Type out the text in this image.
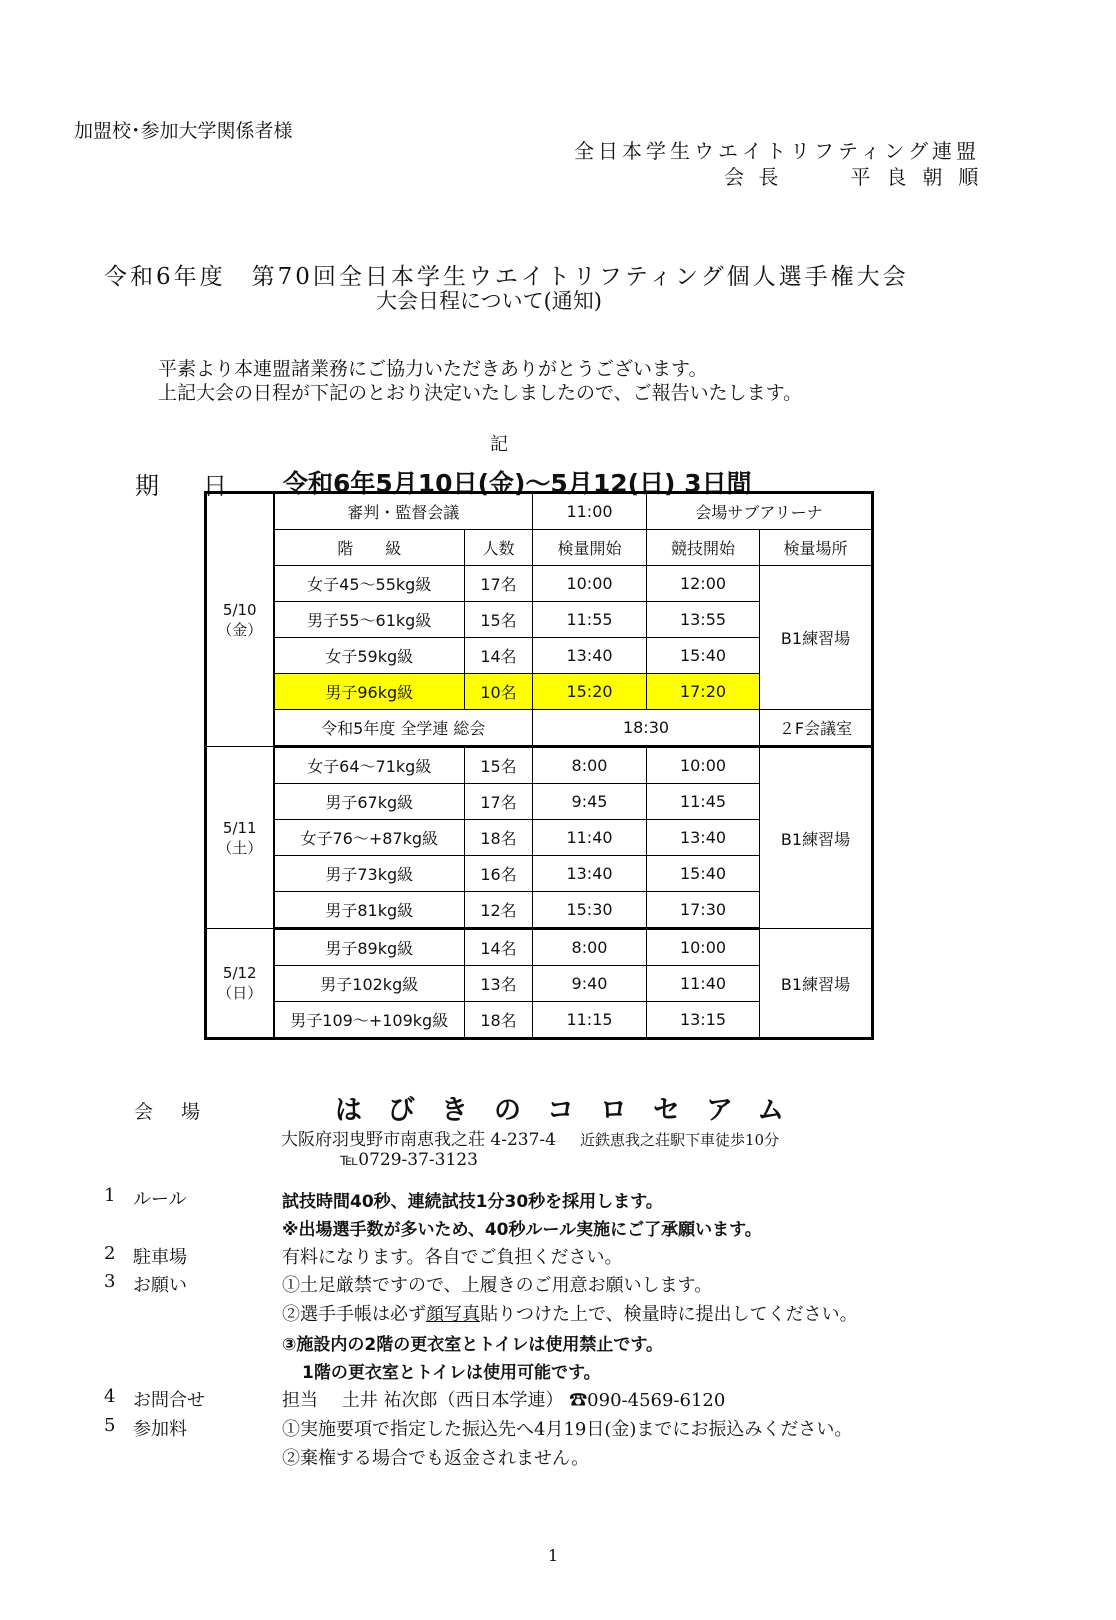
加盟校･参加大学関係者様
全日本学生ウエイトリフティング連盟
会 長	平良朝順
令和6年度　第70回全日本学生ウエイトリフティング個人選手権大会
大会日程について(通知)
平素より本連盟諸業務にご協力いただきありがとうございます。
上記大会の日程が下記のとおり決定いたしましたので、ご報告いたします。
記
期 日 令和6年5月10日(金)～5月12(日) 3日間
5/10
（金）	審判・監督会議		11:00	会場サブアリーナ	
	階　　級	人数	検量開始	競技開始	検量場所
	女子45～55kg級	17名	10:00	12:00	B1練習場
	男子55～61kg級	15名	11:55	13:55	
	女子59kg級	14名	13:40	15:40	
	男子96kg級	10名	15:20	17:20	
	令和5年度 全学連 総会		18:30		２F会議室

5/11
（土）	女子64～71kg級	15名	8:00	10:00	B1練習場
	男子67kg級	17名	9:45	11:45	
	女子76～+87kg級	18名	11:40	13:40	
	男子73kg級	16名	13:40	15:40	
	男子81kg級	12名	15:30	17:30	

5/12
（日）	男子89kg級	14名	8:00	10:00	B1練習場
	男子102kg級	13名	9:40	11:40	
	男子109～+109kg級	18名	11:15	13:15	
会場	はびきのコロセアム
大阪府羽曳野市南恵我之荘 4-237-4 近鉄恵我之荘駅下車徒歩10分
℡0729-37-3123
1 ルール	試技時間40秒、連続試技1分30秒を採用します。
※出場選手数が多いため、40秒ルール実施にご了承願います。
2 駐車場	有料になります。各自でご負担ください。
3 お願い	①土足厳禁ですので、上履きのご用意お願いします。
②選手手帳は必ず顔写真貼りつけた上で、検量時に提出してください。
③施設内の2階の更衣室とトイレは使用禁止です。
1階の更衣室とトイレは使用可能です。
4 お問合せ	担当　 土井 祐次郎（西日本学連） ☎090-4569-6120
5 参加料	①実施要項で指定した振込先へ4月19日(金)までにお振込みください。
②棄権する場合でも返金されません。
1
